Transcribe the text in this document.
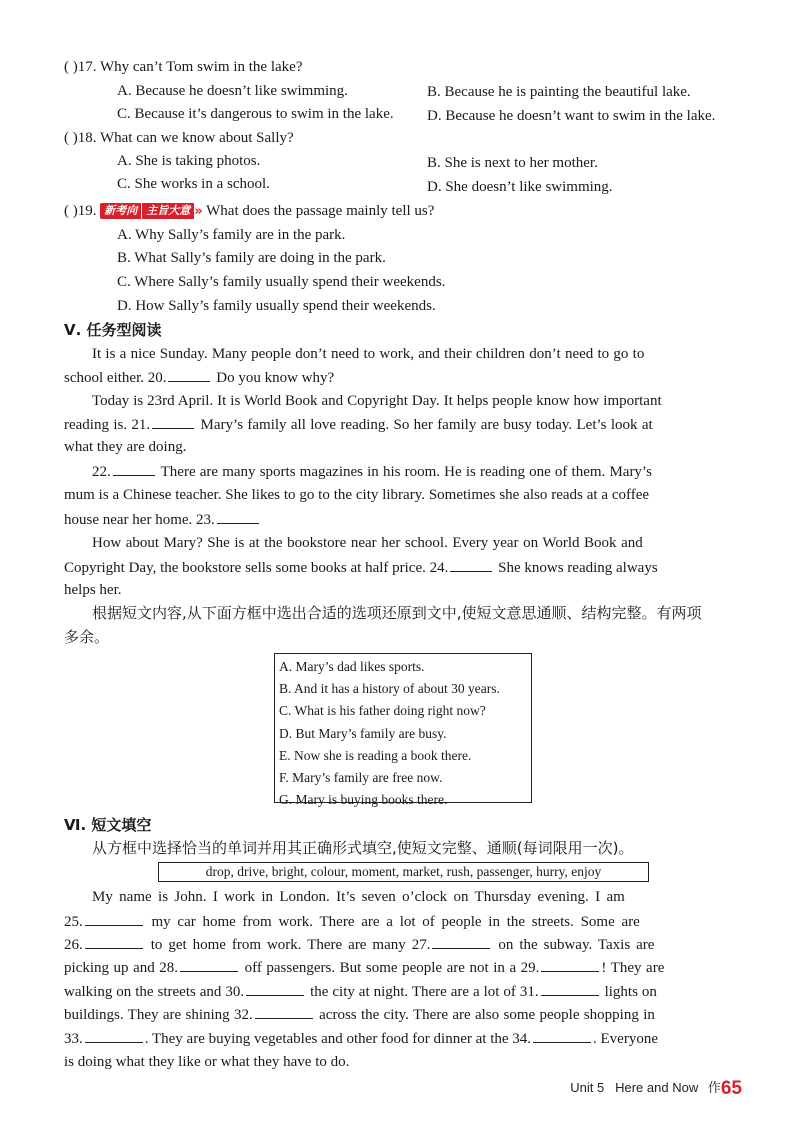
( )17. Why can’t Tom swim in the lake?
A. Because he doesn’t like swimming.	B. Because he is painting the beautiful lake.
C. Because it’s dangerous to swim in the lake. D. Because he doesn’t want to swim in the lake.
( )18. What can we know about Sally?
A. She is taking photos.	B. She is next to her mother.
C. She works in a school.	D. She doesn’t like swimming.
( )19. 新考向 主旨大意 » What does the passage mainly tell us?
A. Why Sally’s family are in the park.
B. What Sally’s family are doing in the park.
C. Where Sally’s family usually spend their weekends.
D. How Sally’s family usually spend their weekends.
Ⅴ. 任务型阅读
It is a nice Sunday. Many people don’t need to work, and their children don’t need to go to
school either. 20.	Do you know why?
Today is 23rd April. It is World Book and Copyright Day. It helps people know how important
reading is. 21.	Mary’s family all love reading. So her family are busy today. Let’s look at
what they are doing.
22.	There are many sports magazines in his room. He is reading one of them. Mary’s
mum is a Chinese teacher. She likes to go to the city library. Sometimes she also reads at a coffee
house near her home. 23.
How about Mary? She is at the bookstore near her school. Every year on World Book and
Copyright Day, the bookstore sells some books at half price. 24.	She knows reading always
helps her.
根据短文内容,从下面方框中选出合适的选项还原到文中,使短文意思通顺、结构完整。有两项
多余。
A. Mary’s dad likes sports.
B. And it has a history of about 30 years.
C. What is his father doing right now?
D. But Mary’s family are busy.
E. Now she is reading a book there.
F. Mary’s family are free now.
G. Mary is buying books there.
Ⅵ. 短文填空
从方框中选择恰当的单词并用其正确形式填空,使短文完整、通顺(每词限用一次)。
drop, drive, bright, colour, moment, market, rush, passenger, hurry, enjoy
My name is John. I work in London. It’s seven o’clock on Thursday evening. I am
25.	my car home from work. There are a lot of people in the streets. Some are
26.	to get home from work. There are many 27.	on the subway. Taxis are
picking up and 28.	off passengers. But some people are not in a 29.	! They are
walking on the streets and 30.	the city at night. There are a lot of 31.	lights on
buildings. They are shining 32.	across the city. There are also some people shopping in
33.	. They are buying vegetables and other food for dinner at the 34.	. Everyone
is doing what they like or what they have to do.
Unit 5 Here and Now 作65
